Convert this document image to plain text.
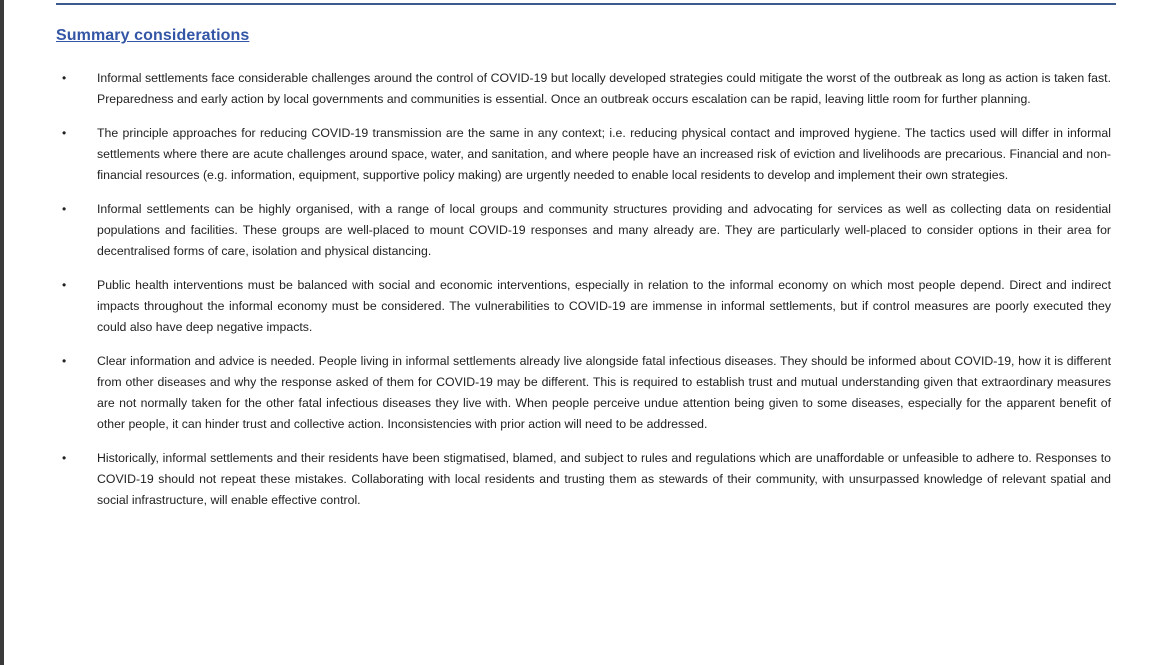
Summary considerations
•	Informal settlements face considerable challenges around the control of COVID-19 but locally developed strategies could mitigate the worst of the outbreak as long as action is taken fast. Preparedness and early action by local governments and communities is essential. Once an outbreak occurs escalation can be rapid, leaving little room for further planning.
•	The principle approaches for reducing COVID-19 transmission are the same in any context; i.e. reducing physical contact and improved hygiene. The tactics used will differ in informal settlements where there are acute challenges around space, water, and sanitation, and where people have an increased risk of eviction and livelihoods are precarious. Financial and non-financial resources (e.g. information, equipment, supportive policy making) are urgently needed to enable local residents to develop and implement their own strategies.
•	Informal settlements can be highly organised, with a range of local groups and community structures providing and advocating for services as well as collecting data on residential populations and facilities. These groups are well-placed to mount COVID-19 responses and many already are. They are particularly well-placed to consider options in their area for decentralised forms of care, isolation and physical distancing.
•	Public health interventions must be balanced with social and economic interventions, especially in relation to the informal economy on which most people depend. Direct and indirect impacts throughout the informal economy must be considered. The vulnerabilities to COVID-19 are immense in informal settlements, but if control measures are poorly executed they could also have deep negative impacts.
•	Clear information and advice is needed. People living in informal settlements already live alongside fatal infectious diseases. They should be informed about COVID-19, how it is different from other diseases and why the response asked of them for COVID-19 may be different. This is required to establish trust and mutual understanding given that extraordinary measures are not normally taken for the other fatal infectious diseases they live with. When people perceive undue attention being given to some diseases, especially for the apparent benefit of other people, it can hinder trust and collective action. Inconsistencies with prior action will need to be addressed.
•	Historically, informal settlements and their residents have been stigmatised, blamed, and subject to rules and regulations which are unaffordable or unfeasible to adhere to. Responses to COVID-19 should not repeat these mistakes. Collaborating with local residents and trusting them as stewards of their community, with unsurpassed knowledge of relevant spatial and social infrastructure, will enable effective control.
